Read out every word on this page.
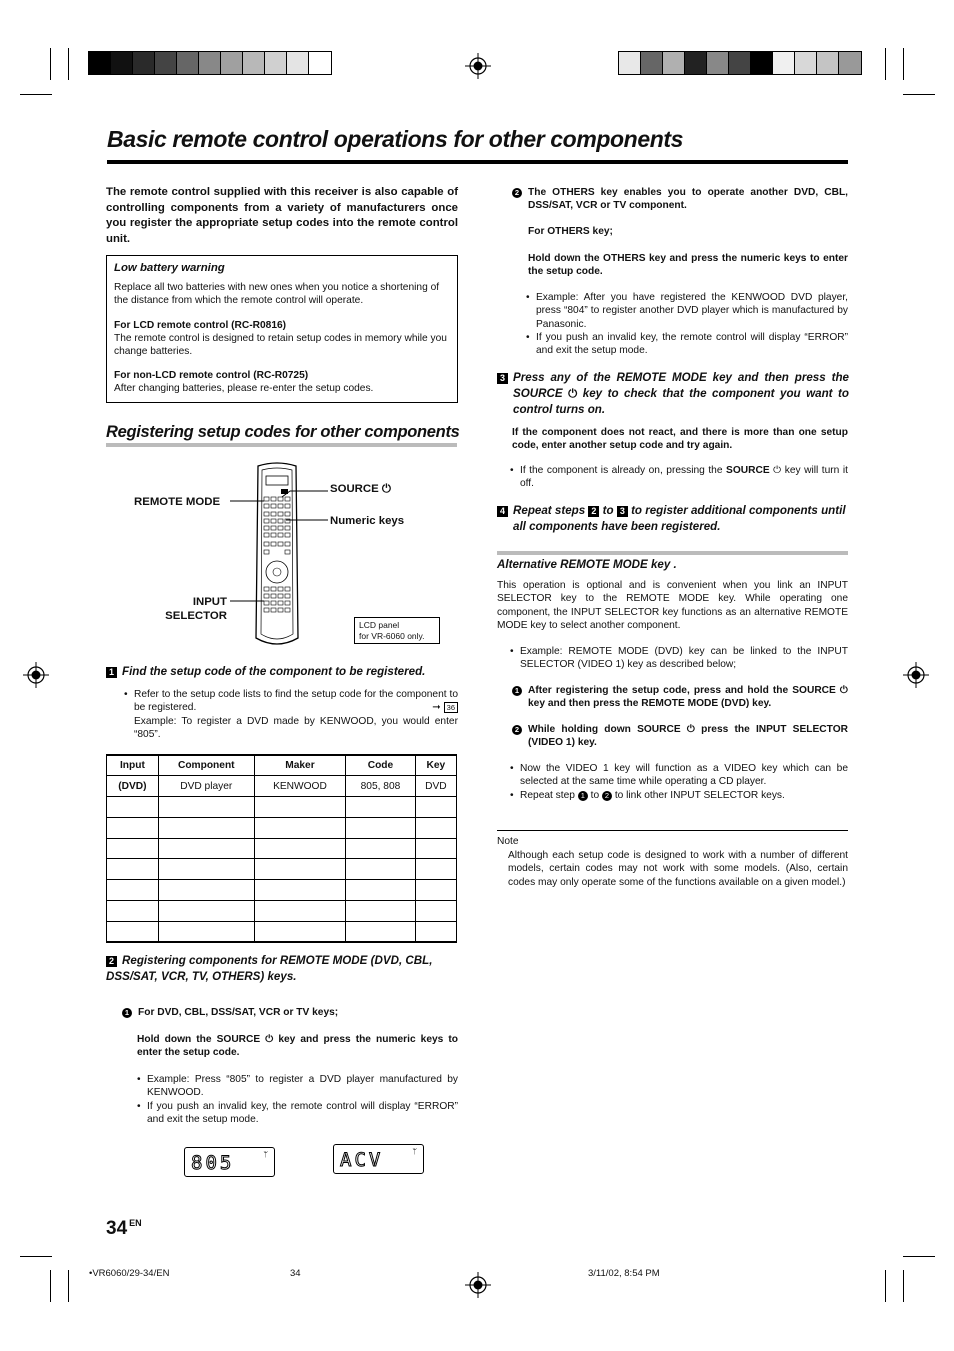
Basic remote control operations for other components

The remote control supplied with this receiver is also capable of controlling components from a variety of manufacturers once you register the appropriate setup codes into the remote control unit.

Low battery warning
Replace all two batteries with new ones when you notice a shortening of the distance from which the remote control will operate.
For LCD remote control (RC-R0816)
The remote control is designed to retain setup codes in memory while you change batteries.
For non-LCD remote control (RC-R0725)
After changing batteries, please re-enter the setup codes.
Registering setup codes for other components
REMOTE MODE
SOURCE ⏻
Numeric keys
INPUT
SELECTOR
LCD panel
for VR-6060 only.
1 Find the setup code of the component to be registered.
• Refer to the setup code lists to find the setup code for the component to be registered.	➞ 36
Example: To register a DVD made by KENWOOD, you would enter “805”.
Input	Component	Maker	Code	Key
(DVD)	DVD player	KENWOOD	805, 808	DVD

2 Registering components for REMOTE MODE (DVD, CBL, DSS/SAT, VCR, TV, OTHERS) keys.
1 For DVD, CBL, DSS/SAT, VCR or TV keys;
Hold down the SOURCE ⏻ key and press the numeric keys to enter the setup code.
• Example: Press “805” to register a DVD player manufactured by KENWOOD.
• If you push an invalid key, the remote control will display “ERROR” and exit the setup mode.
805	ᛘ	ACV	ᛘ
2 The OTHERS key enables you to operate another DVD, CBL, DSS/SAT, VCR or TV component.
For OTHERS key;
Hold down the OTHERS key and press the numeric keys to enter the setup code.
• Example: After you have registered the KENWOOD DVD player, press “804” to register another DVD player which is manufactured by Panasonic.
• If you push an invalid key, the remote control will display “ERROR” and exit the setup mode.
3 Press any of the REMOTE MODE key and then press the SOURCE ⏻ key to check that the component you want to control turns on.
If the component does not react, and there is more than one setup code, enter another setup code and try again.
• If the component is already on, pressing the SOURCE ⏻ key will turn it off.
4 Repeat steps 2 to 3 to register additional components until all components have been registered.
Alternative REMOTE MODE key .
This operation is optional and is convenient when you link an INPUT SELECTOR key to the REMOTE MODE key. While operating one component, the INPUT SELECTOR key functions as an alternative REMOTE MODE key to select another component.
• Example: REMOTE MODE (DVD) key can be linked to the INPUT SELECTOR (VIDEO 1) key as described below;
1 After registering the setup code, press and hold the SOURCE ⏻ key and then press the REMOTE MODE (DVD) key.
2 While holding down SOURCE ⏻ press the INPUT SELECTOR (VIDEO 1) key.
• Now the VIDEO 1 key will function as a VIDEO key which can be selected at the same time while operating a CD player.
• Repeat step 1 to 2 to link other INPUT SELECTOR keys.
Note
Although each setup code is designed to work with a number of different models, certain codes may not work with some models. (Also, certain codes may only operate some of the functions available on a given model.)
34 $^{EN}$
•VR6060/29-34/EN	34	3/11/02, 8:54 PM
